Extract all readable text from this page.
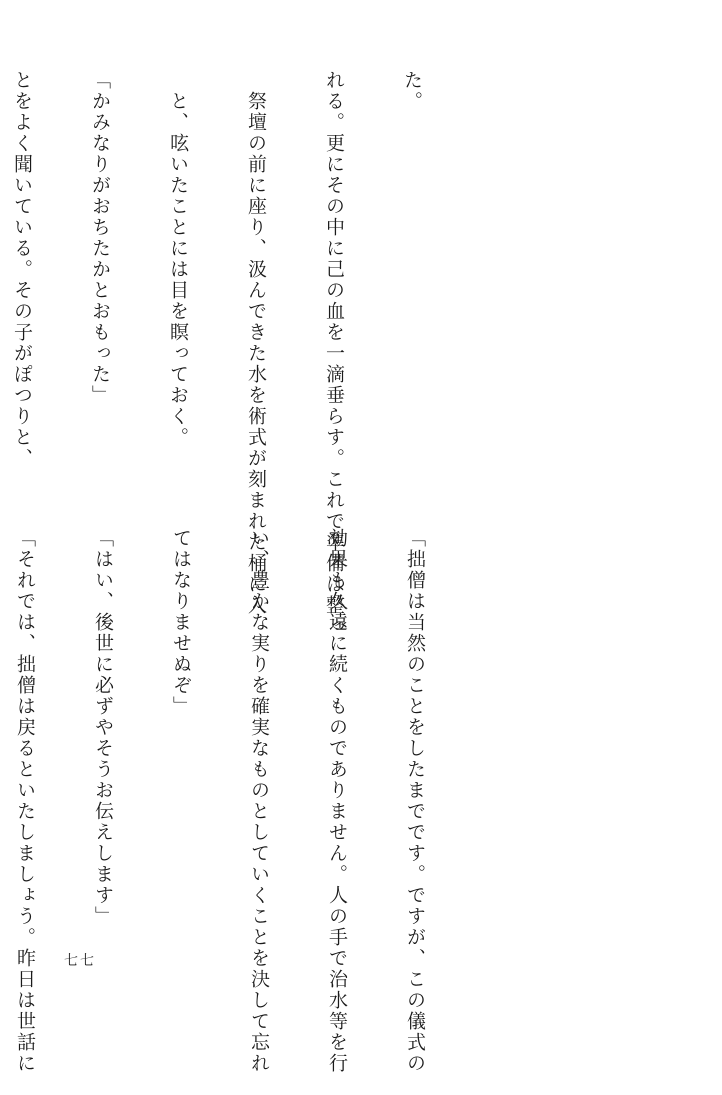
た。

れる。更にその中に己の血を一滴垂らす。これで準備は整っ

　祭壇の前に座り、汲んできた水を術式が刻まれた桶に入

　と、呟いたことには目を瞑っておく。

「かみなりがおちたかとおもった」

とをよく聞いている。その子がぽつりと、

「拙僧は当然のことをしたまでです。ですが、この儀式の

効果も久遠に続くものでありません。人の手で治水等を行

い、豊かな実りを確実なものとしていくことを決して忘れ

てはなりませぬぞ」

「はい、後世に必ずやそうお伝えします」

「それでは、拙僧は戻るといたしましょう。昨日は世話に

七七
